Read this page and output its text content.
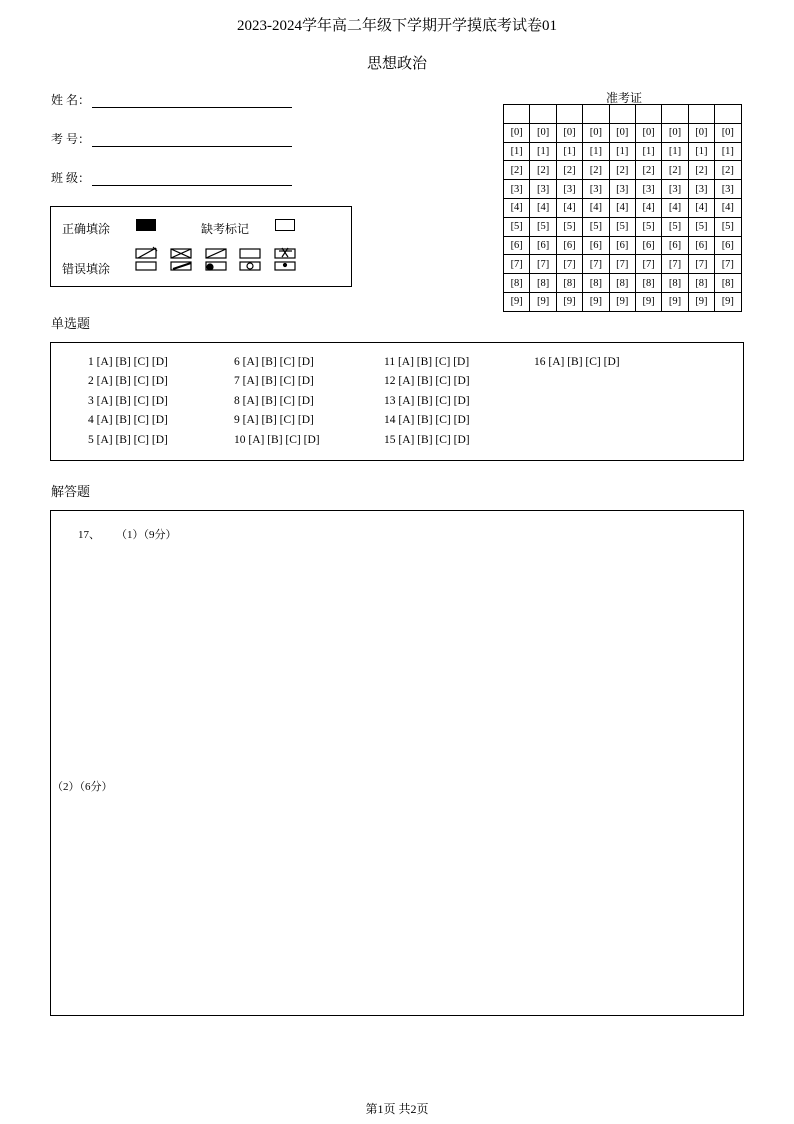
2023-2024学年高二年级下学期开学摸底考试卷01
思想政治
姓 名：
考 号：
班 级：
正确填涂	缺考标记
错误填涂
准考证

[0]	[0]	[0]	[0]	[0]	[0]	[0]	[0]	[0]
[1]	[1]	[1]	[1]	[1]	[1]	[1]	[1]	[1]
[2]	[2]	[2]	[2]	[2]	[2]	[2]	[2]	[2]
[3]	[3]	[3]	[3]	[3]	[3]	[3]	[3]	[3]
[4]	[4]	[4]	[4]	[4]	[4]	[4]	[4]	[4]
[5]	[5]	[5]	[5]	[5]	[5]	[5]	[5]	[5]
[6]	[6]	[6]	[6]	[6]	[6]	[6]	[6]	[6]
[7]	[7]	[7]	[7]	[7]	[7]	[7]	[7]	[7]
[8]	[8]	[8]	[8]	[8]	[8]	[8]	[8]	[8]
[9]	[9]	[9]	[9]	[9]	[9]	[9]	[9]	[9]
单选题
1 [A] [B] [C] [D]
2 [A] [B] [C] [D]
3 [A] [B] [C] [D]
4 [A] [B] [C] [D]
5 [A] [B] [C] [D]
6 [A] [B] [C] [D]
7 [A] [B] [C] [D]
8 [A] [B] [C] [D]
9 [A] [B] [C] [D]
10 [A] [B] [C] [D]
11 [A] [B] [C] [D]
12 [A] [B] [C] [D]
13 [A] [B] [C] [D]
14 [A] [B] [C] [D]
15 [A] [B] [C] [D]
16 [A] [B] [C] [D]
解答题
17、 （1）（9分）
（2）（6分）
第1页 共2页
